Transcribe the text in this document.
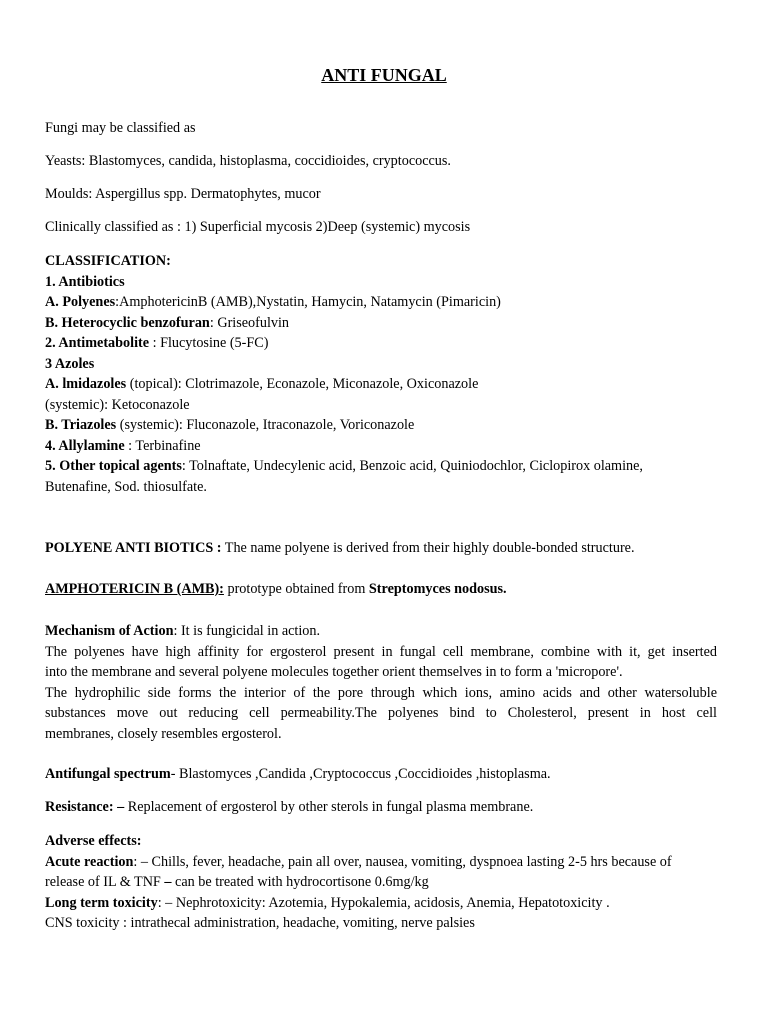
ANTI FUNGAL
Fungi may be classified as
Yeasts: Blastomyces, candida, histoplasma, coccidioides, cryptococcus.
Moulds: Aspergillus spp. Dermatophytes, mucor
Clinically classified as : 1) Superficial mycosis 2)Deep (systemic) mycosis
CLASSIFICATION:
1. Antibiotics
A. Polyenes:AmphotericinB (AMB),Nystatin, Hamycin, Natamycin (Pimaricin)
B. Heterocyclic benzofuran: Griseofulvin
2. Antimetabolite : Flucytosine (5-FC)
3 Azoles
A. lmidazoles (topical): Clotrimazole, Econazole, Miconazole, Oxiconazole
(systemic): Ketoconazole
B. Triazoles (systemic): Fluconazole, Itraconazole, Voriconazole
4. Allylamine : Terbinafine
5. Other topical agents: Tolnaftate, Undecylenic acid, Benzoic acid, Quiniodochlor, Ciclopirox olamine,
Butenafine, Sod. thiosulfate.
POLYENE ANTI BIOTICS : The name polyene is derived from their highly double-bonded structure.
AMPHOTERICIN B (AMB): prototype obtained from Streptomyces nodosus.
Mechanism of Action: It is fungicidal in action.
The polyenes have high affinity for ergosterol present in fungal cell membrane, combine with it, get inserted
into the membrane and several polyene molecules together orient themselves in to form a 'micropore'.
The hydrophilic side forms the interior of the pore through which ions, amino acids and other watersoluble
substances move out reducing cell permeability.The polyenes bind to Cholesterol, present in host cell
membranes, closely resembles ergosterol.
Antifungal spectrum- Blastomyces ,Candida ,Cryptococcus ,Coccidioides ,histoplasma.
Resistance: – Replacement of ergosterol by other sterols in fungal plasma membrane.
Adverse effects:
Acute reaction: – Chills, fever, headache, pain all over, nausea, vomiting, dyspnoea lasting 2-5 hrs because of
release of IL & TNF – can be treated with hydrocortisone 0.6mg/kg
Long term toxicity: – Nephrotoxicity: Azotemia, Hypokalemia, acidosis, Anemia, Hepatotoxicity .
CNS toxicity : intrathecal administration, headache, vomiting, nerve palsies
